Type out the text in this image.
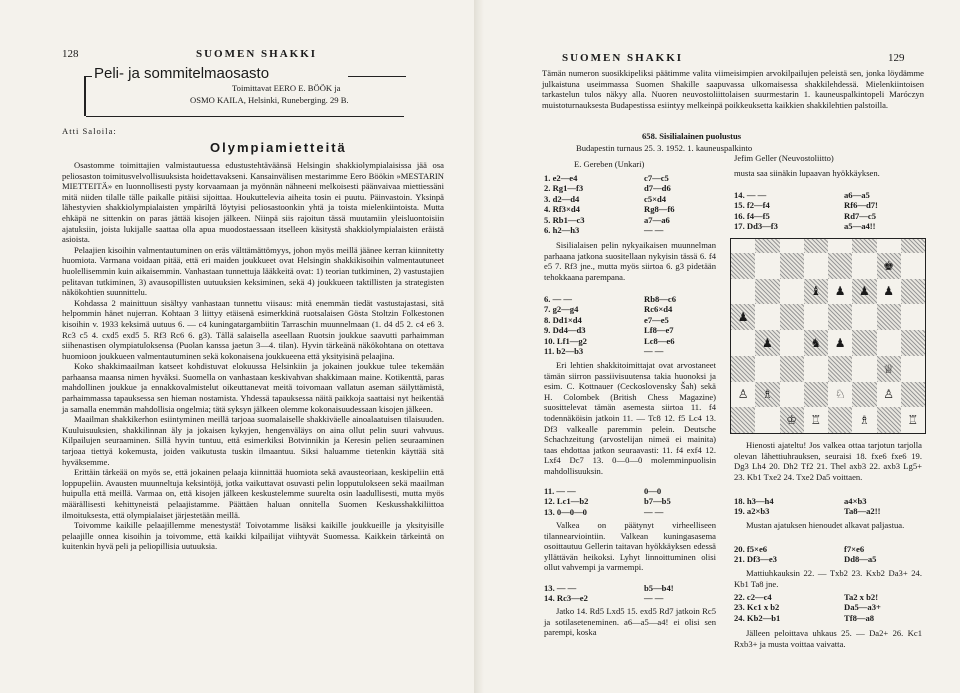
128	SUOMEN SHAKKI
Peli- ja sommitelmaosasto
Toimittavat EERO E. BÖÖK ja
OSMO KAILA, Helsinki, Runeberging. 29 B.
Atti Saloila:
Olympiamietteitä

Osastomme toimittajien valmistautuessa edustustehtäväänsä Helsingin shakkiolympialaisissa jää osa peliosaston toimitusvelvollisuuksista hoidettavakseni. Kansainvälisen mestarimme Eero Böökin »MESTARIN MIETTEITÄ» en luonnollisesti pysty korvaamaan ja myönnän nähneeni melkoisesti päänvaivaa miettiessäni mitä niiden tilalle tälle paikalle pitäisi sijoittaa. Houkuttelevia aiheita tosin ei puutu. Päinvastoin. Yksinpä lähestyvien shakkiolympialaisten ympäriltä löytyisi peliosastoonkin yhtä ja toista mielenkiintoista. Mutta ehkäpä ne sittenkin on paras jättää kisojen jälkeen. Niinpä siis rajoitun tässä muutamiin yleisluontoisiin ajatuksiin, joista lukijalle saattaa olla apua muodostaessaan itselleen käsitystä shakkiolympialaisten eräistä asioista.

Pelaajien kisoihin valmentautuminen on eräs välttämättömyys, johon myös meillä jäänee kerran kiinnitetty huomiota. Varmana voidaan pitää, että eri maiden joukkueet ovat Helsingin shakkikisoihin valmentautuneet huolellisemmin kuin aikaisemmin. Vanhastaan tunnettuja lääkkeitä ovat: 1) teorian tutkiminen, 2) vastustajien pelitavan tutkiminen, 3) avausopillisten uutuuksien keksiminen, sekä 4) joukkueen taktillisten ja strategisten näkökohtien suunnittelu.

Kohdassa 2 mainittuun sisältyy vanhastaan tunnettu viisaus: mitä enemmän tiedät vastustajastasi, sitä helpommin hänet nujerran. Kohtaan 3 liittyy etäisenä esimerkkinä ruotsalaisen Gösta Stoltzin Folkestonen kisoihin v. 1933 keksimä uutuus 6. — c4 kuningatargambiitin Tarraschin muunnelmaan (1. d4 d5 2. c4 e6 3. Rc3 c5 4. cxd5 exd5 5. Rf3 Rc6 6. g3). Tällä salaisella aseellaan Ruotsin joukkue saavutti parhaimman siihenastisen olympiatuloksensa (Puolan kanssa jaetun 3—4. tilan). Hyvin tärkeänä näkökohtana on otettava huomioon joukkueen valmentautuminen sekä kokonaisena joukkueena että yksityisinä pelaajina.

Koko shakkimaailman katseet kohdistuvat elokuussa Helsinkiin ja jokainen joukkue tulee tekemään parhaansa maansa nimen hyväksi. Suomella on vanhastaan keskivahvan shakkimaan maine. Kotikenttä, paras mahdollinen joukkue ja ennakkovalmistelut oikeuttanevat meitä toivomaan vallatun aseman säilyttämistä, parhaimmassa tapauksessa sen hieman nostamista. Yhdessä tapauksessa näitä paikkoja saattaisi nyt heikentää ja samalla enemmän mahdollisia ongelmia; tätä syksyn jälkeen olemme kokonaisuudessaan kisojen jälkeen.

Maailman shakkikerhon esiintyminen meillä tarjoaa suomalaiselle shakkiväelle ainoalaatuisen tilaisuuden. Kuuluisuuksien, shakkilinnan äly ja jokaisen kykyjen, hengenväläys on aina ollut pelin suuri vahvuus. Kilpailujen seuraaminen. Sillä hyvin tuntuu, että esimerkiksi Botvinnikin ja Keresin pelien seuraaminen tarjoaa tiettyä kokemusta, joiden vaikutusta tuskin ilmaantuu. Siksi haluamme tietenkin käyttää sitä hyväksemme.

Erittäin tärkeää on myös se, että jokainen pelaaja kiinnittää huomiota sekä avausteoriaan, keskipeliin että loppupeliin. Avausten muunneltuja keksintöjä, jotka vaikuttavat osuvasti pelin lopputulokseen sekä maailman huipulla että meillä. Varmaa on, että kisojen jälkeen keskustelemme suurelta osin laadullisesti, mutta myös määrällisesti kehittyneistä pelaajistamme. Päättäen haluan onnitella Suomen Keskusshakkiliittoa ilmoituksesta, että olympialaiset järjestetään meillä.

Toivomme kaikille pelaajillemme menestystä! Toivotamme lisäksi kaikille joukkueille ja yksityisille pelaajille onnea kisoihin ja toivomme, että kaikki kilpailijat viihtyvät Suomessa. Kaikkein tärkeintä on kuitenkin hyvä peli ja peliopillisia uutuuksia.

SUOMEN SHAKKI	129

Tämän numeron suosikkipeliksi päätimme valita viimeisimpien arvokilpailujen peleistä sen, jonka löydämme julkaistuna useimmassa Suomen Shakille saapuvassa ulkomaisessa shakkilehdessä. Mielenkiintoisen tarkastelun tulos näkyy alla. Nuoren neuvostoliittolaisen suurmestarin 1. kauneuspalkintopeli Maróczyn muistoturnauksesta Budapestissa esiintyy melkeinpä poikkeuksetta kaikkien shakkilehtien palstoilla.

658. Sisilialainen puolustus
Budapestin turnaus 25. 3. 1952. 1. kauneuspalkinto
E. Gereben (Unkari)
Jefim Geller (Neuvostoliitto)
1. e2—e4	c7—c5
2. Rg1—f3	d7—d6
3. d2—d4	c5×d4
4. Rf3×d4	Rg8—f6
5. Rb1—c3	a7—a6
6. h2—h3	— —

Sisilialaisen pelin nykyaikaisen muunnelman parhaana jatkona suositellaan nykyisin tässä 6. f4 e5 7. Rf3 jne., mutta myös siirtoa 6. g3 pidetään tehokkaana parempana.

6. — —	Rb8—c6
7. g2—g4	Rc6×d4
8. Dd1×d4	e7—e5
9. Dd4—d3	Lf8—e7
10. Lf1—g2	Lc8—e6
11. b2—b3	— —

Eri lehtien shakkitoimittajat ovat arvostaneet tämän siirron passiivisuutensa takia huonoksi ja esim. C. Kottnauer (Ceckoslovensky Šah) sekä H. Colombek (British Chess Magazine) suosittelevat tämän asemesta siirtoa 11. f4 todennäköisin jatkoin 11. — Tc8 12. f5 Lc4 13. Df3 valkealle paremmin pelein. Deutsche Schachzeitung (arvostelijan nimeä ei mainita) taas ehdottaa jatkon seuraavasti: 11. f4 exf4 12. Lxf4 Dc7 13. 0—0—0 molemminpuolisin mahdollisuuksin.

11. — —	0—0
12. Lc1—b2	b7—b5
13. 0—0—0	— —

Valkea on päätynyt virheelliseen tilannearviointiin. Valkean kuningasasema osoittautuu Gellerin taitavan hyökkäyksen edessä yllättävän heikoksi. Lyhyt linnoittuminen olisi ollut vahvempi ja varmempi.

13. — —	b5—b4!
14. Rc3—e2	— —

Jatko 14. Rd5 Lxd5 15. exd5 Rd7 jatkoin Rc5 ja sotilaseteneminen. a6—a5—a4! ei olisi sen parempi, koska

musta saa siinäkin lupaavan hyökkäyksen.

14. — —	a6—a5
15. f2—f4	Rf6—d7!
16. f4—f5	Rd7—c5
17. Dd3—f3	a5—a4!!
♚
♝ ♟ ♟ ♟
♟
♟	♞ ♟
♕
♙ ♗	♘	♙
♔ ♖	♗	♖

Hienosti ajateltu! Jos valkea ottaa tarjotun tarjolla olevan lähettiuhrauksen, seuraisi 18. fxe6 fxe6 19. Dg3 Lh4 20. Dh2 Tf2 21. Thel axb3 22. axb3 Lg5+ 23. Kb1 Txe2 24. Txe2 Da5 voittaen.

18. h3—h4	a4×b3
19. a2×b3	Ta8—a2!!

Mustan ajatuksen hienoudet alkavat paljastua.

20. f5×e6	f7×e6
21. Df3—e3	Dd8—a5

Mattiuhkauksin 22. — Txb2 23. Kxb2 Da3+ 24. Kb1 Ta8 jne.

22. c2—c4	Ta2 x b2!
23. Kc1 x b2	Da5—a3+
24. Kb2—b1	Tf8—a8

Jälleen peloittava uhkaus 25. — Da2+ 26. Kc1 Rxb3+ ja musta voittaa vaivatta.
